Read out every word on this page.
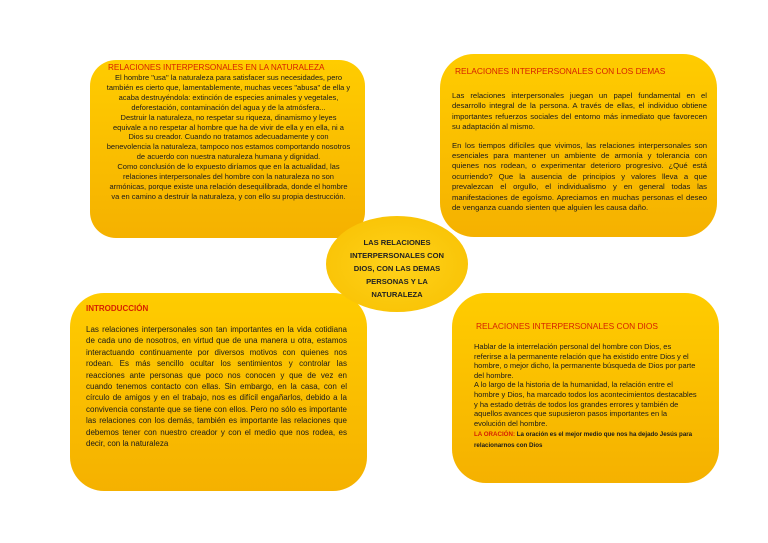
RELACIONES INTERPERSONALES EN LA NATURALEZA

El hombre "usa" la naturaleza para satisfacer sus necesidades, pero también es cierto que, lamentablemente, muchas veces "abusa" de ella y acaba destruyéndola: extinción de especies animales y vegetales, deforestación, contaminación del agua y de la atmósfera...

Destruir la naturaleza, no respetar su riqueza, dinamismo y leyes equivale a no respetar al hombre que ha de vivir de ella y en ella, ni a Dios su creador. Cuando no tratamos adecuadamente y con benevolencia la naturaleza, tampoco nos estamos comportando nosotros de acuerdo con nuestra naturaleza humana y dignidad.

Como conclusión de lo expuesto diríamos que en la actualidad, las relaciones interpersonales del hombre con la naturaleza no son armónicas, porque existe una relación desequilibrada, donde el hombre va en camino a destruir la naturaleza, y con ello su propia destrucción.

RELACIONES INTERPERSONALES CON LOS DEMAS

Las relaciones interpersonales juegan un papel fundamental en el desarrollo integral de la persona. A través de ellas, el individuo obtiene importantes refuerzos sociales del entorno más inmediato que favorecen su adaptación al mismo.

En los tiempos difíciles que vivimos, las relaciones interpersonales son esenciales para mantener un ambiente de armonía y tolerancia con quienes nos rodean, o experimentar deterioro progresivo. ¿Qué está ocurriendo? Que la ausencia de principios y valores lleva a que prevalezcan el orgullo, el individualismo y en general todas las manifestaciones de egoísmo. Apreciamos en muchas personas el deseo de venganza cuando sienten que alguien les causa daño.

INTRODUCCIÓN

Las relaciones interpersonales son tan importantes en la vida cotidiana de cada uno de nosotros, en virtud que de una manera u otra, estamos interactuando continuamente por diversos motivos con quienes nos rodean. Es más sencillo ocultar los sentimientos y controlar las reacciones ante personas que poco nos conocen y que de vez en cuando tenemos contacto con ellas. Sin embargo, en la casa, con el círculo de amigos y en el trabajo, nos es difícil engañarlos, debido a la convivencia constante que se tiene con ellos. Pero no sólo es importante las relaciones con los demás, también es importante las relaciones que debemos tener con nuestro creador y con el medio que nos rodea, es decir, con la naturaleza

RELACIONES INTERPERSONALES CON DIOS

Hablar de la interrelación personal del hombre con Dios, es referirse a la permanente relación que ha existido entre Dios y el hombre, o mejor dicho, la permanente búsqueda de Dios por parte del hombre.

A lo largo de la historia de la humanidad, la relación entre el hombre y Dios, ha marcado todos los acontecimientos destacables y ha estado detrás de todos los grandes errores y también de aquellos avances que supusieron pasos importantes en la evolución del hombre.

LA ORACIÓN: La oración es el mejor medio que nos ha dejado Jesús para relacionarnos con Dios

LAS RELACIONES INTERPERSONALES CON DIOS, CON LAS DEMAS PERSONAS Y LA NATURALEZA
